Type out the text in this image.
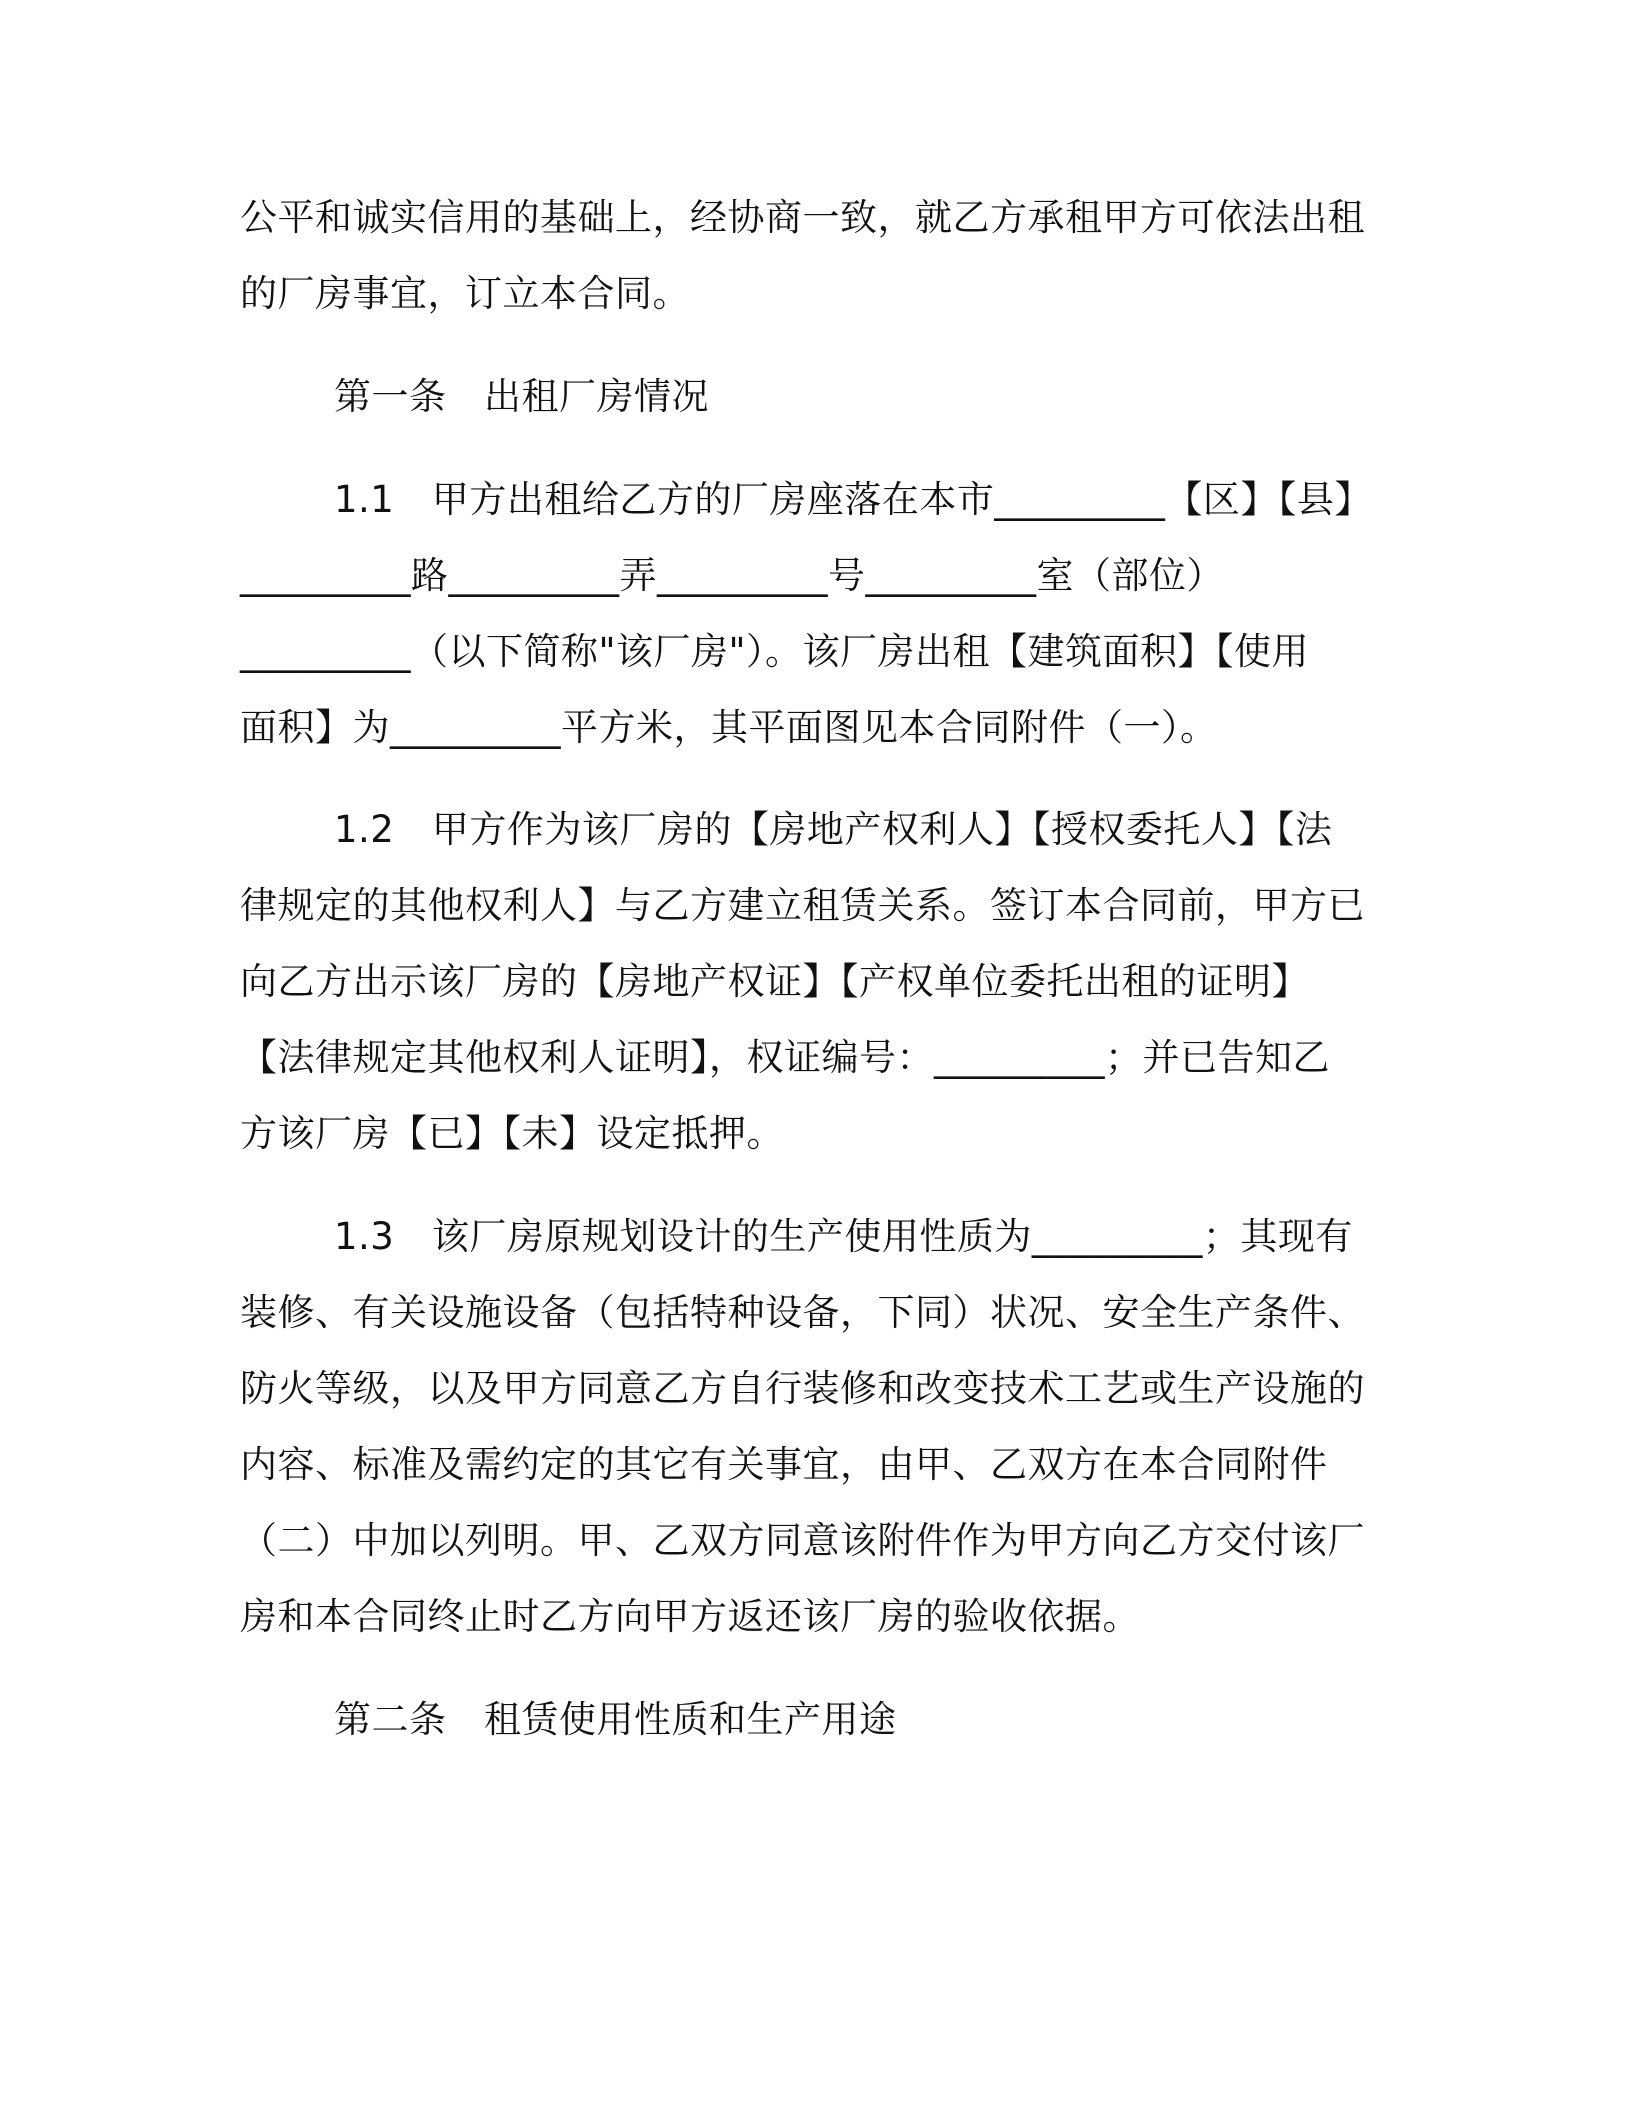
公平和诚实信用的基础上，经协商一致，就乙方承租甲方可依法出租
的厂房事宜，订立本合同。
第一条　出租厂房情况
1.1　甲方出租给乙方的厂房座落在本市_________【区】【县】
_________路_________弄_________号_________室（部位）
_________（以下简称"该厂房"）。该厂房出租【建筑面积】【使用
面积】为_________平方米，其平面图见本合同附件（一）。
1.2　甲方作为该厂房的【房地产权利人】【授权委托人】【法
律规定的其他权利人】与乙方建立租赁关系。签订本合同前，甲方已
向乙方出示该厂房的【房地产权证】【产权单位委托出租的证明】
【法律规定其他权利人证明】，权证编号：_________；并已告知乙
方该厂房【已】【未】设定抵押。
1.3　该厂房原规划设计的生产使用性质为_________；其现有
装修、有关设施设备（包括特种设备，下同）状况、安全生产条件、
防火等级，以及甲方同意乙方自行装修和改变技术工艺或生产设施的
内容、标准及需约定的其它有关事宜，由甲、乙双方在本合同附件
（二）中加以列明。甲、乙双方同意该附件作为甲方向乙方交付该厂
房和本合同终止时乙方向甲方返还该厂房的验收依据。
第二条　租赁使用性质和生产用途
